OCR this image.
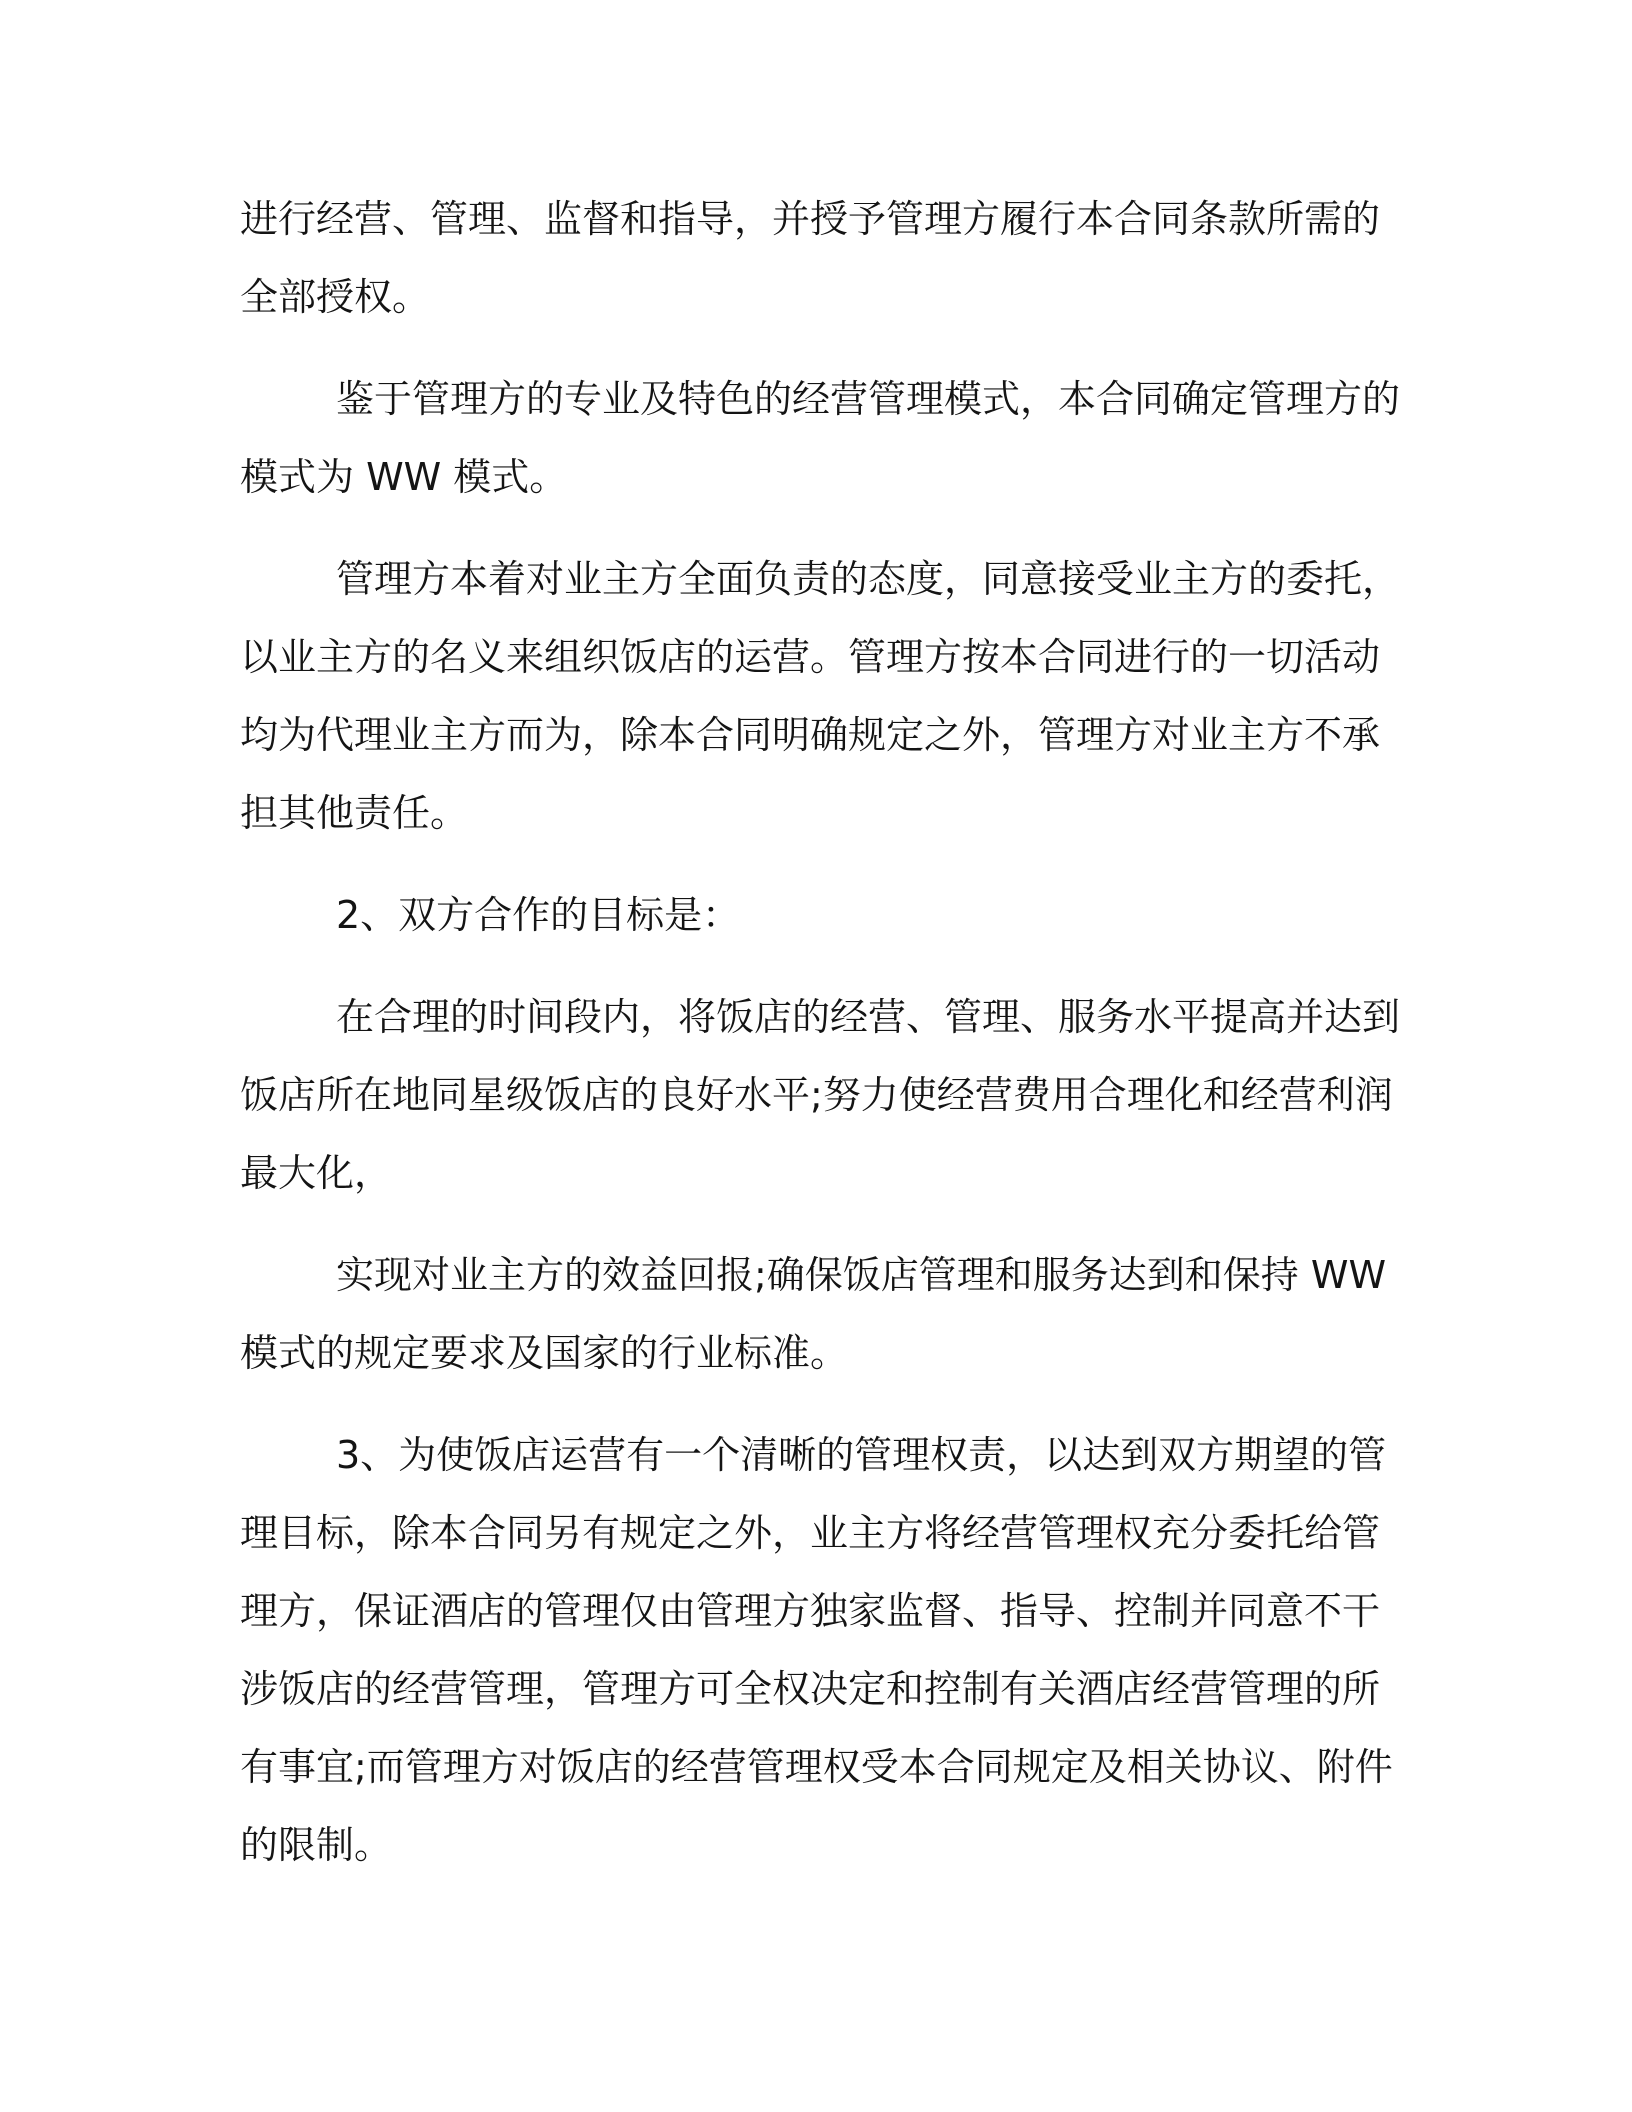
进行经营、管理、监督和指导，并授予管理方履行本合同条款所需的
全部授权。
鉴于管理方的专业及特色的经营管理模式，本合同确定管理方的
模式为 WW 模式。
管理方本着对业主方全面负责的态度，同意接受业主方的委托，
以业主方的名义来组织饭店的运营。管理方按本合同进行的一切活动
均为代理业主方而为，除本合同明确规定之外，管理方对业主方不承
担其他责任。
2、双方合作的目标是：
在合理的时间段内，将饭店的经营、管理、服务水平提高并达到
饭店所在地同星级饭店的良好水平;努力使经营费用合理化和经营利润
最大化，
实现对业主方的效益回报;确保饭店管理和服务达到和保持 WW
模式的规定要求及国家的行业标准。
3、为使饭店运营有一个清晰的管理权责，以达到双方期望的管
理目标，除本合同另有规定之外，业主方将经营管理权充分委托给管
理方，保证酒店的管理仅由管理方独家监督、指导、控制并同意不干
涉饭店的经营管理，管理方可全权决定和控制有关酒店经营管理的所
有事宜;而管理方对饭店的经营管理权受本合同规定及相关协议、附件
的限制。
